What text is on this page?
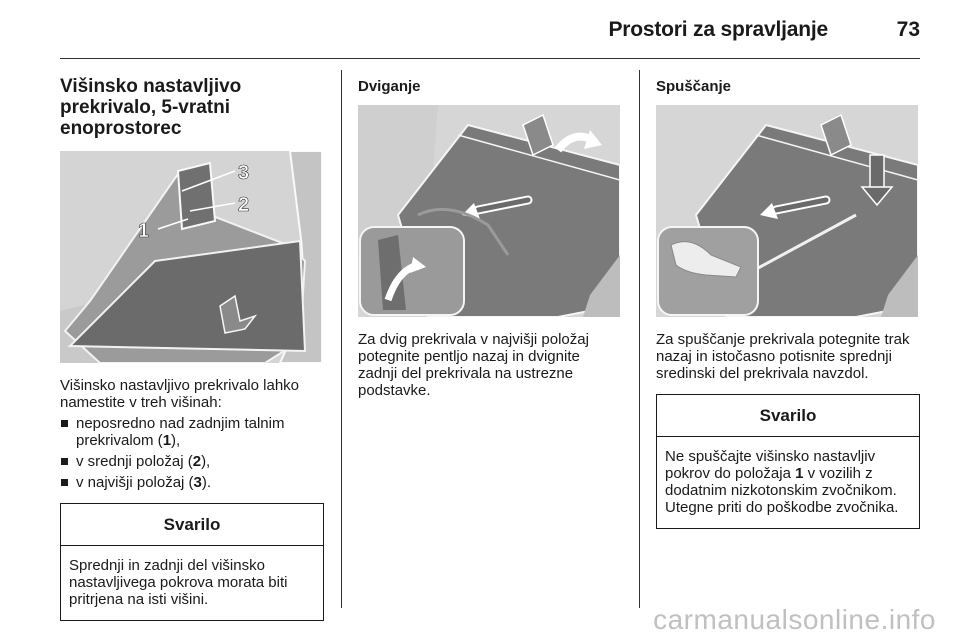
Prostori za spravljanje	73
Višinsko nastavljivo prekrivalo, 5-vratni enoprostorec
3
2
1

Višinsko nastavljivo prekrivalo lahko namestite v treh višinah:

neposredno nad zadnjim talnim prekrivalom (1),
v srednji položaj (2),
v najvišji položaj (3).
Svarilo
Sprednji in zadnji del višinsko nastavljivega pokrova morata biti pritrjena na isti višini.
Dviganje

Za dvig prekrivala v najvišji položaj potegnite pentljo nazaj in dvignite zadnji del prekrivala na ustrezne podstavke.

Spuščanje

Za spuščanje prekrivala potegnite trak nazaj in istočasno potisnite sprednji sredinski del prekrivala navzdol.

Svarilo
Ne spuščajte višinsko nastavljiv pokrov do položaja 1 v vozilih z dodatnim nizkotonskim zvočnikom. Utegne priti do poškodbe zvočnika.
carmanualsonline.info
